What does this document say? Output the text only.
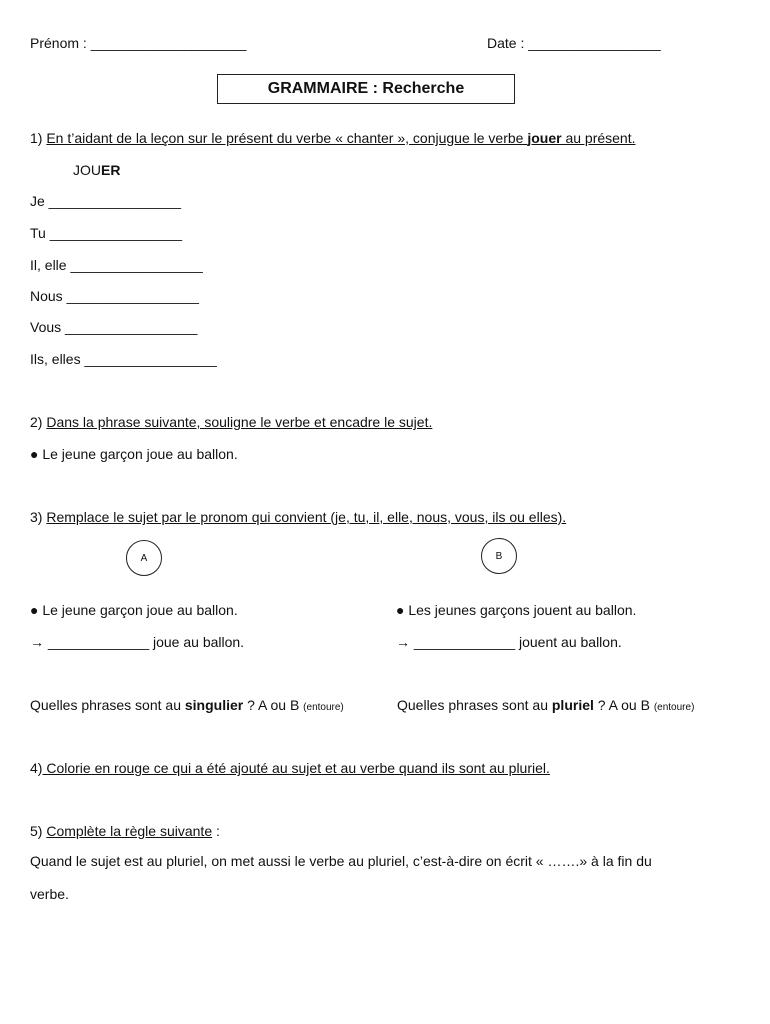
Prénom : ____________________	Date : _________________
GRAMMAIRE : Recherche
1) En t’aidant de la leçon sur le présent du verbe « chanter », conjugue le verbe jouer au présent.
JOUER
Je _________________
Tu _________________
Il, elle _________________
Nous _________________
Vous _________________
Ils, elles _________________
2) Dans la phrase suivante, souligne le verbe et encadre le sujet.
● Le jeune garçon joue au ballon.
3) Remplace le sujet par le pronom qui convient (je, tu, il, elle, nous, vous, ils ou elles).
A	B
● Le jeune garçon joue au ballon.	● Les jeunes garçons jouent au ballon.
→ _____________ joue au ballon.	→ _____________ jouent au ballon.
Quelles phrases sont au singulier ? A ou B (entoure)	Quelles phrases sont au pluriel ? A ou B (entoure)
4) Colorie en rouge ce qui a été ajouté au sujet et au verbe quand ils sont au pluriel.
5) Complète la règle suivante :
Quand le sujet est au pluriel, on met aussi le verbe au pluriel, c’est-à-dire on écrit « …….» à la fin du
verbe.
